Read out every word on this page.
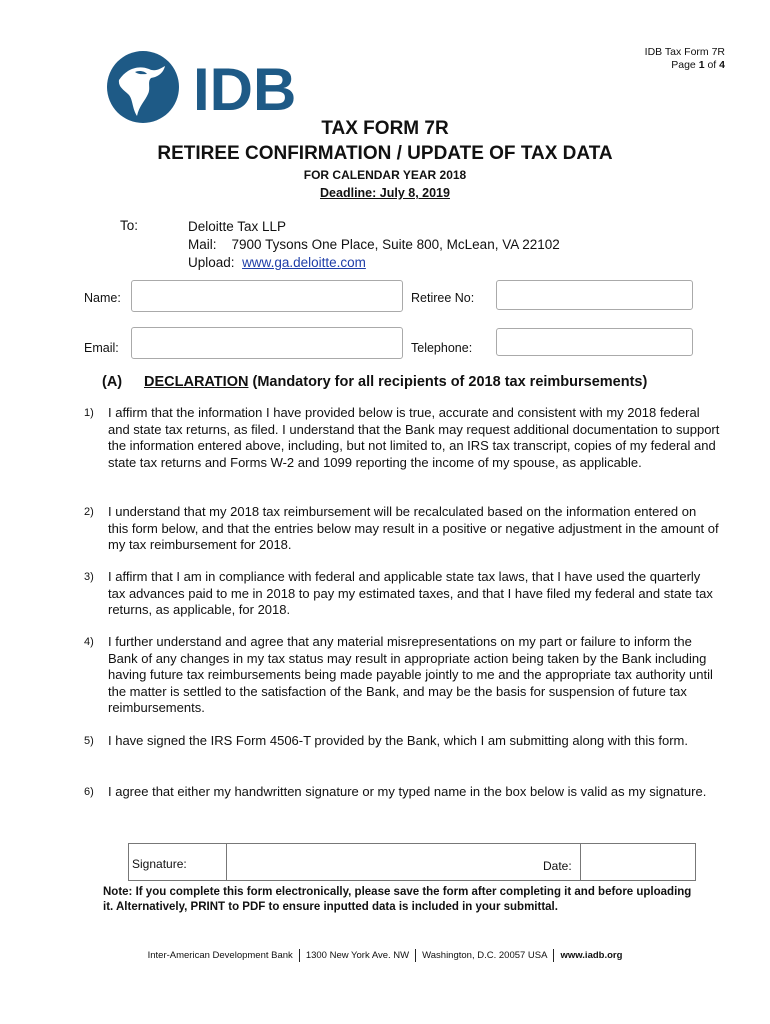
IDB Tax Form 7R
Page 1 of 4
IDB
TAX FORM 7R
RETIREE CONFIRMATION / UPDATE OF TAX DATA
FOR CALENDAR YEAR 2018
Deadline: July 8, 2019
To:	Deloitte Tax LLP
Mail: 7900 Tysons One Place, Suite 800, McLean, VA 22102
Upload: www.ga.deloitte.com
Name:	Retiree No:
Email:	Telephone:
(A) DECLARATION (Mandatory for all recipients of 2018 tax reimbursements)
1) I affirm that the information I have provided below is true, accurate and consistent with my 2018 federal and state tax returns, as filed. I understand that the Bank may request additional documentation to support the information entered above, including, but not limited to, an IRS tax transcript, copies of my federal and state tax returns and Forms W-2 and 1099 reporting the income of my spouse, as applicable.
2) I understand that my 2018 tax reimbursement will be recalculated based on the information entered on this form below, and that the entries below may result in a positive or negative adjustment in the amount of my tax reimbursement for 2018.
3) I affirm that I am in compliance with federal and applicable state tax laws, that I have used the quarterly tax advances paid to me in 2018 to pay my estimated taxes, and that I have filed my federal and state tax returns, as applicable, for 2018.
4) I further understand and agree that any material misrepresentations on my part or failure to inform the Bank of any changes in my tax status may result in appropriate action being taken by the Bank including having future tax reimbursements being made payable jointly to me and the appropriate tax authority until the matter is settled to the satisfaction of the Bank, and may be the basis for suspension of future tax reimbursements.
5) I have signed the IRS Form 4506-T provided by the Bank, which I am submitting along with this form.
6) I agree that either my handwritten signature or my typed name in the box below is valid as my signature.
Signature:	Date:
Note: If you complete this form electronically, please save the form after completing it and before uploading it. Alternatively, PRINT to PDF to ensure inputted data is included in your submittal.
Inter-American Development Bank 1300 New York Ave. NW Washington, D.C. 20057 USA www.iadb.org
